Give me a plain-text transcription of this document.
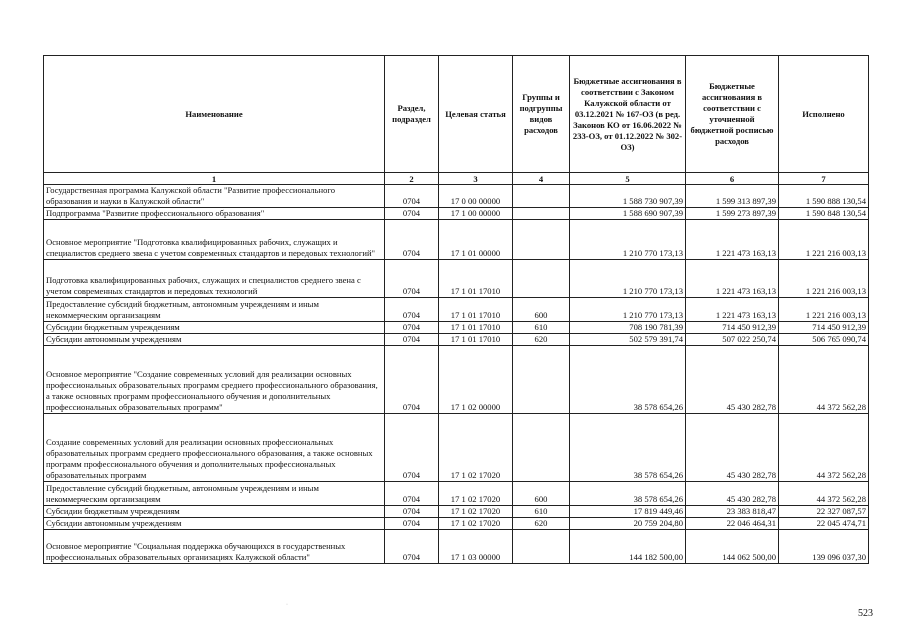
Наименование	Раздел, подраздел	Целевая статья	Группы и подгруппы видов расходов	Бюджетные ассигнования в соответствии с Законом Калужской области от 03.12.2021 № 167-ОЗ (в ред. Законов КО от 16.06.2022 № 233-ОЗ, от 01.12.2022 № 302-ОЗ)	Бюджетные ассигнования в соответствии с уточненной бюджетной росписью расходов	Исполнено
1	2	3	4	5	6	7
Государственная программа Калужской области "Развитие профессионального образования и науки в Калужской области"	0704	17 0 00 00000		1 588 730 907,39	1 599 313 897,39	1 590 888 130,54
Подпрограмма "Развитие профессионального образования"	0704	17 1 00 00000		1 588 690 907,39	1 599 273 897,39	1 590 848 130,54
Основное мероприятие "Подготовка квалифицированных рабочих, служащих и специалистов среднего звена с учетом современных стандартов и передовых технологий"	0704	17 1 01 00000		1 210 770 173,13	1 221 473 163,13	1 221 216 003,13
Подготовка квалифицированных рабочих, служащих и специалистов среднего звена с учетом современных стандартов и передовых технологий	0704	17 1 01 17010		1 210 770 173,13	1 221 473 163,13	1 221 216 003,13
Предоставление субсидий бюджетным, автономным учреждениям и иным некоммерческим организациям	0704	17 1 01 17010	600	1 210 770 173,13	1 221 473 163,13	1 221 216 003,13
Субсидии бюджетным учреждениям	0704	17 1 01 17010	610	708 190 781,39	714 450 912,39	714 450 912,39
Субсидии автономным учреждениям	0704	17 1 01 17010	620	502 579 391,74	507 022 250,74	506 765 090,74
Основное мероприятие "Создание современных условий для реализации основных профессиональных образовательных программ среднего профессионального образования, а также основных программ профессионального обучения и дополнительных профессиональных образовательных программ"	0704	17 1 02 00000		38 578 654,26	45 430 282,78	44 372 562,28
Создание современных условий для реализации основных профессиональных образовательных программ среднего профессионального образования, а также основных программ профессионального обучения и дополнительных профессиональных образовательных программ	0704	17 1 02 17020		38 578 654,26	45 430 282,78	44 372 562,28
Предоставление субсидий бюджетным, автономным учреждениям и иным некоммерческим организациям	0704	17 1 02 17020	600	38 578 654,26	45 430 282,78	44 372 562,28
Субсидии бюджетным учреждениям	0704	17 1 02 17020	610	17 819 449,46	23 383 818,47	22 327 087,57
Субсидии автономным учреждениям	0704	17 1 02 17020	620	20 759 204,80	22 046 464,31	22 045 474,71
Основное мероприятие "Социальная поддержка обучающихся в государственных профессиональных образовательных организациях Калужской области"	0704	17 1 03 00000		144 182 500,00	144 062 500,00	139 096 037,30
·
523
